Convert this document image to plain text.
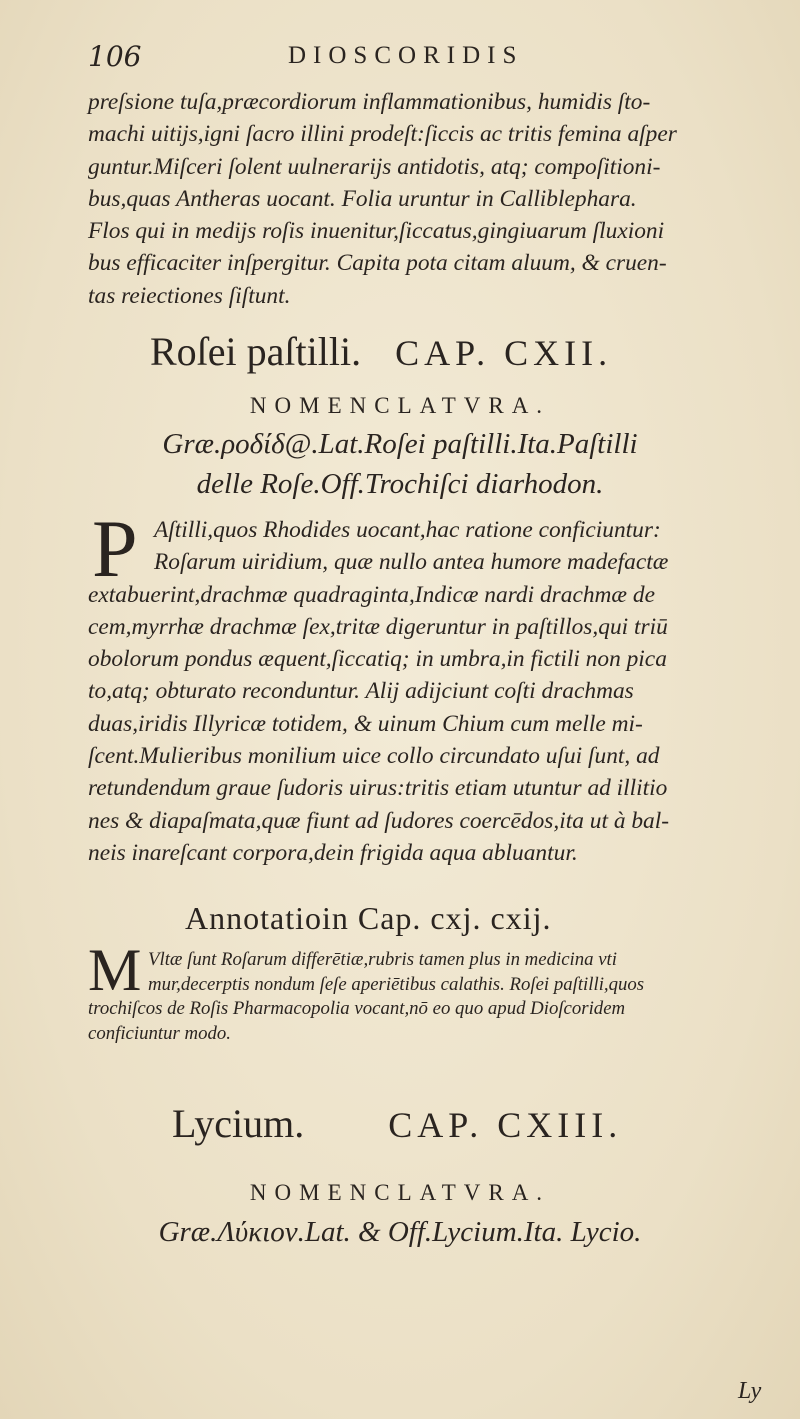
106	DIOSCORIDIS
preſsione tuſa,præcordiorum inflammationibus, humidis ſto-
machi uitijs,igni ſacro illini prodeſt:ſiccis ac tritis femina aſper
guntur.Miſceri ſolent uulnerarijs antidotis, atq; compoſitioni-
bus,quas Antheras uocant. Folia uruntur in Calliblephara.
Flos qui in medijs roſis inuenitur,ſiccatus,gingiuarum ſluxioni
bus efficaciter inſpergitur. Capita pota citam aluum, & cruen-
tas reiectiones ſiſtunt.
Roſei paſtilli. CAP. CXII.
NOMENCLATVRA.
Græ.ροδίδ@.Lat.Roſei paſtilli.Ita.Paſtilli
delle Roſe.Off.Trochiſci diarhodon.
P Aſtilli,quos Rhodides uocant,hac ratione conficiuntur:
Roſarum uiridium, quæ nullo antea humore madefactæ
extabuerint,drachmæ quadraginta,Indicæ nardi drachmæ de
cem,myrrhæ drachmæ ſex,tritæ digeruntur in paſtillos,qui triū
obolorum pondus æquent,ſiccatiq; in umbra,in fictili non pica
to,atq; obturato reconduntur. Alij adijciunt coſti drachmas
duas,iridis Illyricæ totidem, & uinum Chium cum melle mi-
ſcent.Mulieribus monilium uice collo circundato uſui ſunt, ad
retundendum graue ſudoris uirus:tritis etiam utuntur ad illitio
nes & diapaſmata,quæ fiunt ad ſudores coercēdos,ita ut à bal-
neis inareſcant corpora,dein frigida aqua abluantur.
Annotatioin Cap. cxj. cxij.
M Vltæ ſunt Roſarum differētiæ,rubris tamen plus in medicina vti
mur,decerptis nondum ſeſe aperiētibus calathis. Roſei paſtilli,quos
trochiſcos de Roſis Pharmacopolia vocant,nō eo quo apud Dioſcoridem
conficiuntur modo.
Lycium. CAP. CXIII.
NOMENCLATVRA.
Græ.Λύκιον.Lat. & Off.Lycium.Ita. Lycio.
Ly
